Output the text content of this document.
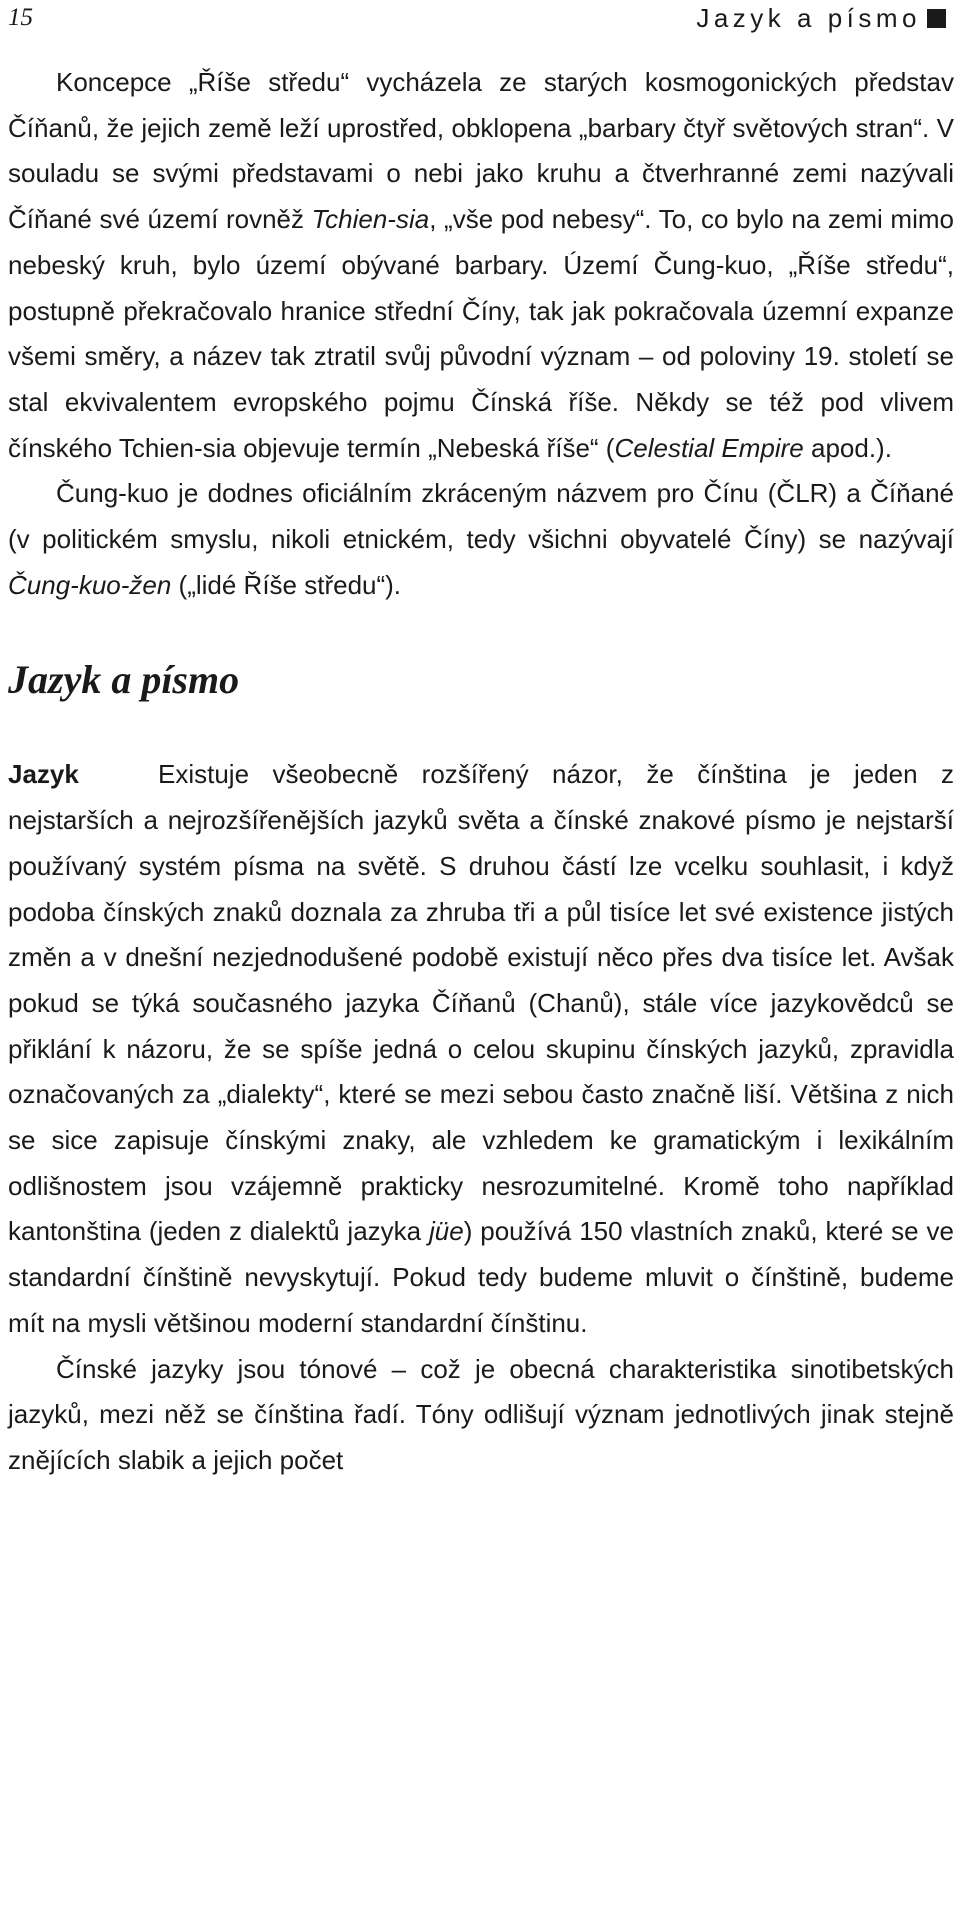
15	Jazyk a písmo

Koncepce „Říše středu“ vycházela ze starých kosmogonických představ Číňanů, že jejich země leží uprostřed, obklopena „barbary čtyř světových stran“. V souladu se svými představami o nebi jako kruhu a čtverhranné zemi nazývali Číňané své území rovněž Tchien-sia, „vše pod nebesy“. To, co bylo na zemi mimo nebeský kruh, bylo území obývané barbary. Území Čung-kuo, „Říše středu“, postupně překračovalo hranice střední Číny, tak jak pokračovala územní expanze všemi směry, a název tak ztratil svůj původní význam – od poloviny 19. století se stal ekvivalentem evropského pojmu Čínská říše. Někdy se též pod vlivem čínského Tchien-sia objevuje termín „Nebeská říše“ (Celestial Empire apod.).

Čung-kuo je dodnes oficiálním zkráceným názvem pro Čínu (ČLR) a Číňané (v politickém smyslu, nikoli etnickém, tedy všichni obyvatelé Číny) se nazývají Čung-kuo-žen („lidé Říše středu“).

Jazyk a písmo

Jazyk	Existuje všeobecně rozšířený názor, že čínština je jeden z nejstarších a nejrozšířenějších jazyků světa a čínské znakové písmo je nejstarší používaný systém písma na světě. S druhou částí lze vcelku souhlasit, i když podoba čínských znaků doznala za zhruba tři a půl tisíce let své existence jistých změn a v dnešní nezjednodušené podobě existují něco přes dva tisíce let. Avšak pokud se týká současného jazyka Číňanů (Chanů), stále více jazykovědců se přiklání k názoru, že se spíše jedná o celou skupinu čínských jazyků, zpravidla označovaných za „dialekty“, které se mezi sebou často značně liší. Většina z nich se sice zapisuje čínskými znaky, ale vzhledem ke gramatickým i lexikálním odlišnostem jsou vzájemně prakticky nesrozumitelné. Kromě toho například kantonština (jeden z dialektů jazyka jüe) používá 150 vlastních znaků, které se ve standardní čínštině nevyskytují. Pokud tedy budeme mluvit o čínštině, budeme mít na mysli většinou moderní standardní čínštinu.

Čínské jazyky jsou tónové – což je obecná charakteristika sinotibetských jazyků, mezi něž se čínština řadí. Tóny odlišují význam jednotlivých jinak stejně znějících slabik a jejich počet
